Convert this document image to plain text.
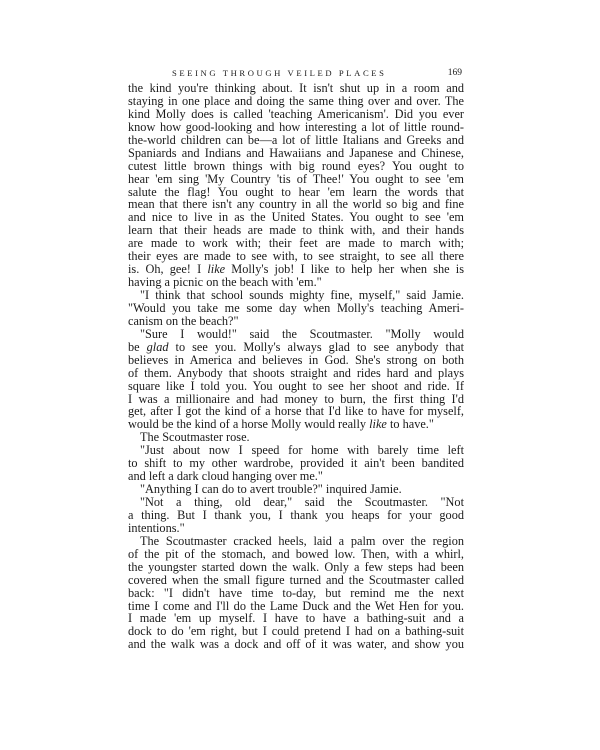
SEEING THROUGH VEILED PLACES	169
the kind you're thinking about. It isn't shut up in a room and
staying in one place and doing the same thing over and over. The
kind Molly does is called 'teaching Americanism'. Did you ever
know how good-looking and how interesting a lot of little round-
the-world children can be—a lot of little Italians and Greeks and
Spaniards and Indians and Hawaiians and Japanese and Chinese,
cutest little brown things with big round eyes? You ought to
hear 'em sing 'My Country 'tis of Thee!' You ought to see 'em
salute the flag! You ought to hear 'em learn the words that
mean that there isn't any country in all the world so big and fine
and nice to live in as the United States. You ought to see 'em
learn that their heads are made to think with, and their hands
are made to work with; their feet are made to march with;
their eyes are made to see with, to see straight, to see all there
is. Oh, gee! I like Molly's job! I like to help her when she is
having a picnic on the beach with 'em."
"I think that school sounds mighty fine, myself," said Jamie.
"Would you take me some day when Molly's teaching Ameri-
canism on the beach?"
"Sure I would!" said the Scoutmaster. "Molly would
be glad to see you. Molly's always glad to see anybody that
believes in America and believes in God. She's strong on both
of them. Anybody that shoots straight and rides hard and plays
square like I told you. You ought to see her shoot and ride. If
I was a millionaire and had money to burn, the first thing I'd
get, after I got the kind of a horse that I'd like to have for myself,
would be the kind of a horse Molly would really like to have."
The Scoutmaster rose.
"Just about now I speed for home with barely time left
to shift to my other wardrobe, provided it ain't been bandited
and left a dark cloud hanging over me."
"Anything I can do to avert trouble?" inquired Jamie.
"Not a thing, old dear," said the Scoutmaster. "Not
a thing. But I thank you, I thank you heaps for your good
intentions."
The Scoutmaster cracked heels, laid a palm over the region
of the pit of the stomach, and bowed low. Then, with a whirl,
the youngster started down the walk. Only a few steps had been
covered when the small figure turned and the Scoutmaster called
back: "I didn't have time to-day, but remind me the next
time I come and I'll do the Lame Duck and the Wet Hen for you.
I made 'em up myself. I have to have a bathing-suit and a
dock to do 'em right, but I could pretend I had on a bathing-suit
and the walk was a dock and off of it was water, and show you
